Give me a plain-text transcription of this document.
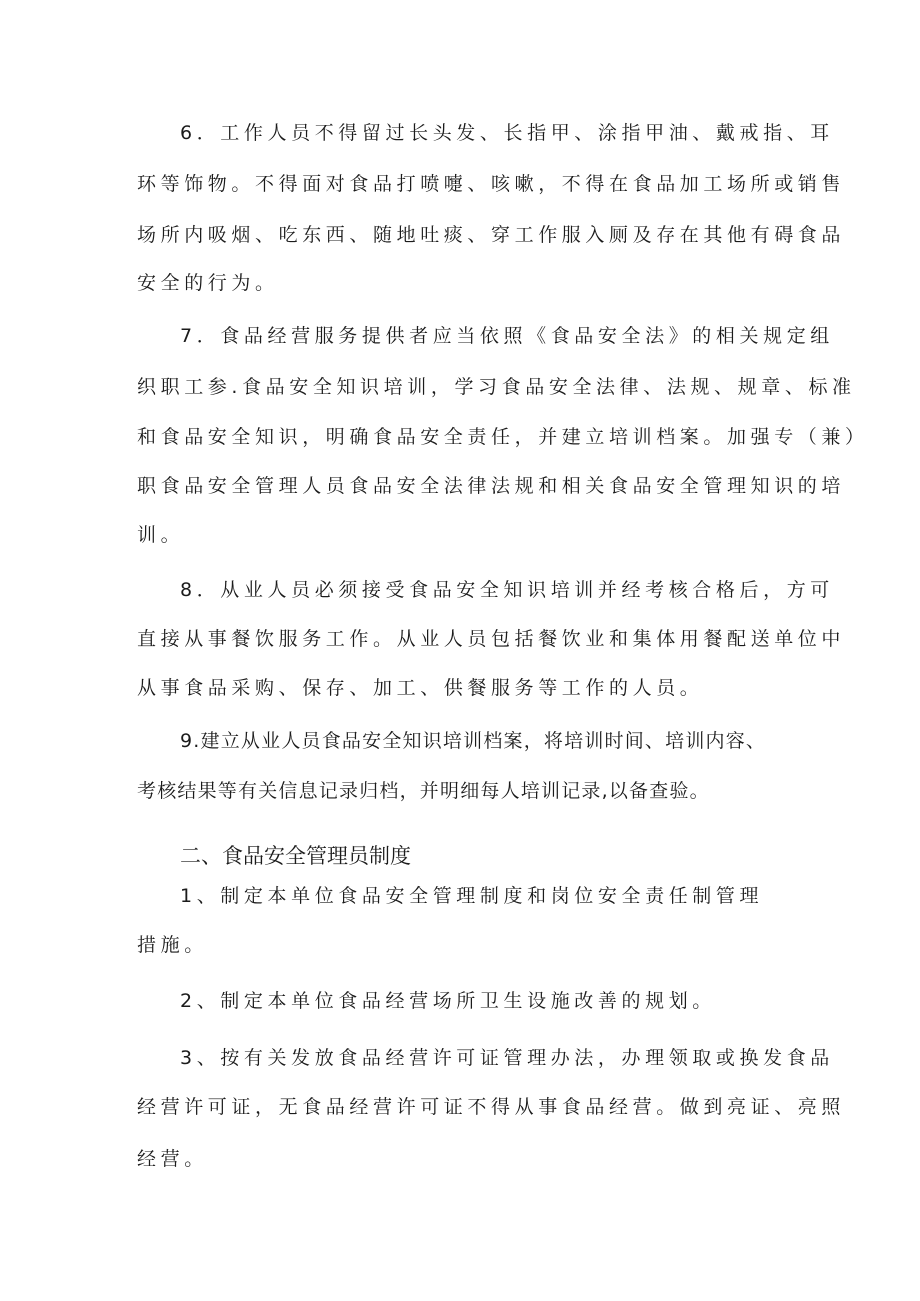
6．工作人员不得留过长头发、长指甲、涂指甲油、戴戒指、耳
环等饰物。不得面对食品打喷嚏、咳嗽，不得在食品加工场所或销售
场所内吸烟、吃东西、随地吐痰、穿工作服入厕及存在其他有碍食品
安全的行为。
7．食品经营服务提供者应当依照《食品安全法》的相关规定组
织职工参.食品安全知识培训，学习食品安全法律、法规、规章、标准
和食品安全知识，明确食品安全责任，并建立培训档案。加强专（兼）
职食品安全管理人员食品安全法律法规和相关食品安全管理知识的培
训。
8．从业人员必须接受食品安全知识培训并经考核合格后，方可
直接从事餐饮服务工作。从业人员包括餐饮业和集体用餐配送单位中
从事食品采购、保存、加工、供餐服务等工作的人员。
9.建立从业人员食品安全知识培训档案，将培训时间、培训内容、
考核结果等有关信息记录归档，并明细每人培训记录,以备查验。
二、食品安全管理员制度
1、制定本单位食品安全管理制度和岗位安全责任制管理
措施。
2、制定本单位食品经营场所卫生设施改善的规划。
3、按有关发放食品经营许可证管理办法，办理领取或换发食品
经营许可证，无食品经营许可证不得从事食品经营。做到亮证、亮照
经营。
